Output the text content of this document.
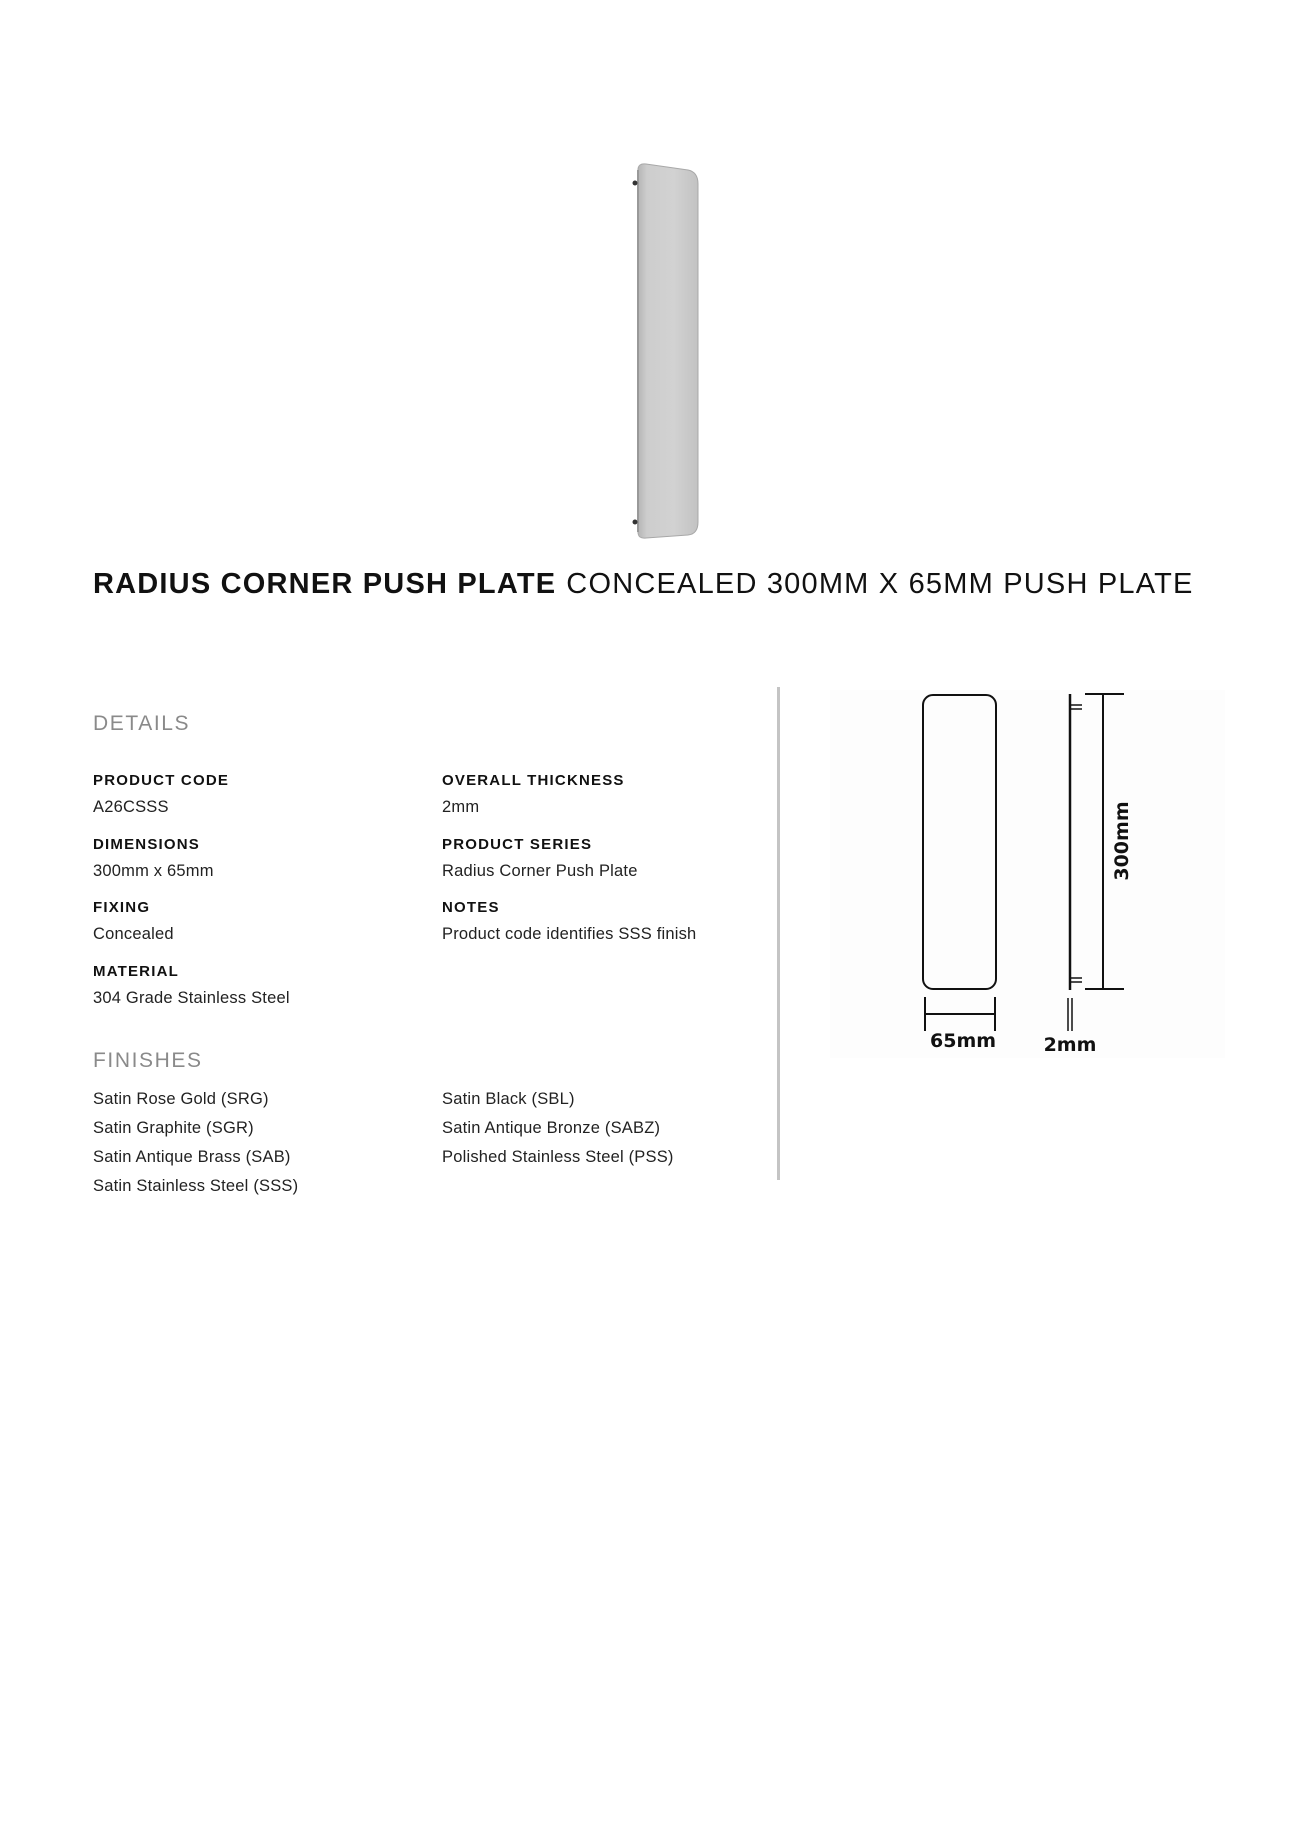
RADIUS CORNER PUSH PLATE CONCEALED 300MM X 65MM PUSH PLATE
DETAILS
PRODUCT CODE
A26CSSS
DIMENSIONS
300mm x 65mm
FIXING
Concealed
MATERIAL
304 Grade Stainless Steel
OVERALL THICKNESS
2mm
PRODUCT SERIES
Radius Corner Push Plate
NOTES
Product code identifies SSS finish
FINISHES
Satin Rose Gold (SRG)
Satin Graphite (SGR)
Satin Antique Brass (SAB)
Satin Stainless Steel (SSS)
Satin Black (SBL)
Satin Antique Bronze (SABZ)
Polished Stainless Steel (PSS)
65mm	2mm
300mm
